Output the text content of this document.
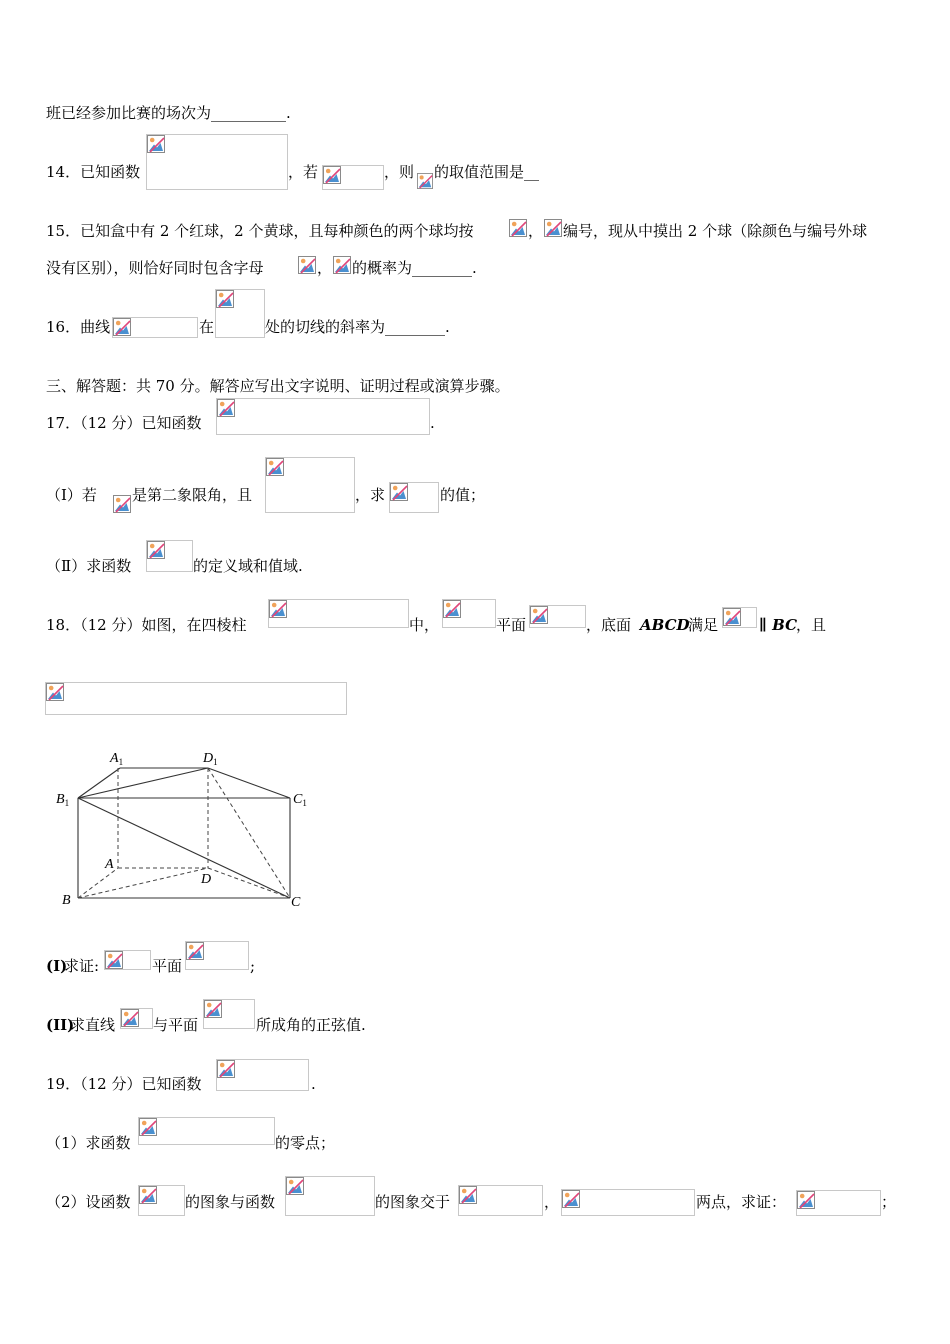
班已经参加比赛的场次为__________.
14．已知函数	，若	，则 的取值范围是__
15．已知盒中有 2 个红球，2 个黄球，且每种颜色的两个球均按	， 编号，现从中摸出 2 个球（除颜色与编号外球
没有区别），则恰好同时包含字母	， 的概率为________.
16．曲线	在	处的切线的斜率为________.
三、解答题：共 70 分。解答应写出文字说明、证明过程或演算步骤。
17．（12 分）已知函数	.
（Ⅰ）若 是第二象限角，且	，求	的值；
（Ⅱ）求函数	的定义域和值域.
18．（12 分）如图，在四棱柱	中，	平面	，底面 ABCD
满足	∥ BC
，且
$A_1$	$D_1$
$B_1$	$C_1$
A
D
B	C
(I)
求证:	平面	;
(II)
求直线	与平面	所成角的正弦值.
19．（12 分）已知函数	.
（1）求函数	的零点；
（2）设函数	的图象与函数	的图象交于	，	两点，求证：	；
